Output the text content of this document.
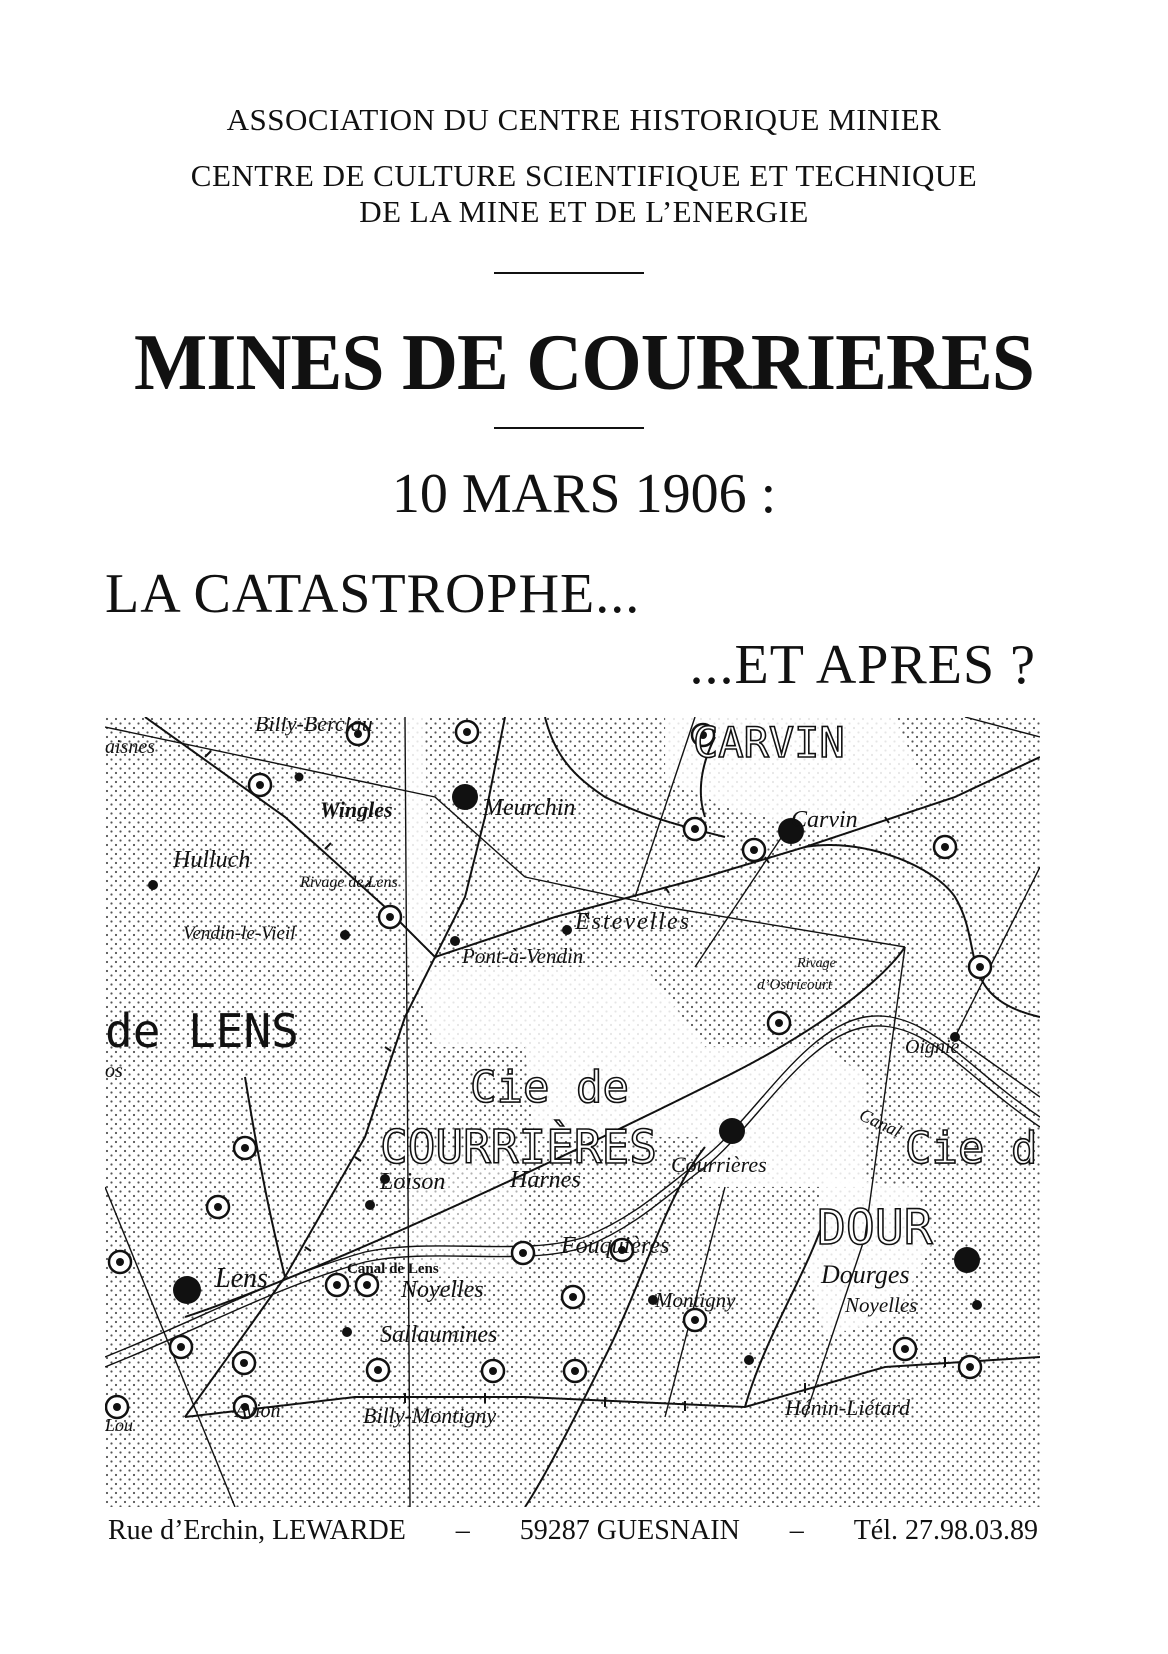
ASSOCIATION DU CENTRE HISTORIQUE MINIER
CENTRE DE CULTURE SCIENTIFIQUE ET TECHNIQUE
DE LA MINE ET DE L’ENERGIE
MINES DE COURRIERES
10 MARS 1906 :
LA CATASTROPHE...
...ET APRES ?
Billy-Berclau
aisnes
Wingles	Meurchin	Carvin
Hulluch
Rivage de Lens
Estevelles
Vendin-le-Vieil
Pont-à-Vendin	Rivage
d’Ostricourt
Oignie
os
Canal
Courrières
Loison	Harnes
Fouquières
Dourges
Lens	Canal de Lens
Noyelles	Montigny	Noyelles
Sallaumines
Avion	Billy-Montigny	Hénin-Liétard
Lou
CARVIN
de LENS
Cie de
COURRIÈRES	Cie d
DOUR
Rue d’Erchin, LEWARDE – 59287 GUESNAIN – Tél. 27.98.03.89
